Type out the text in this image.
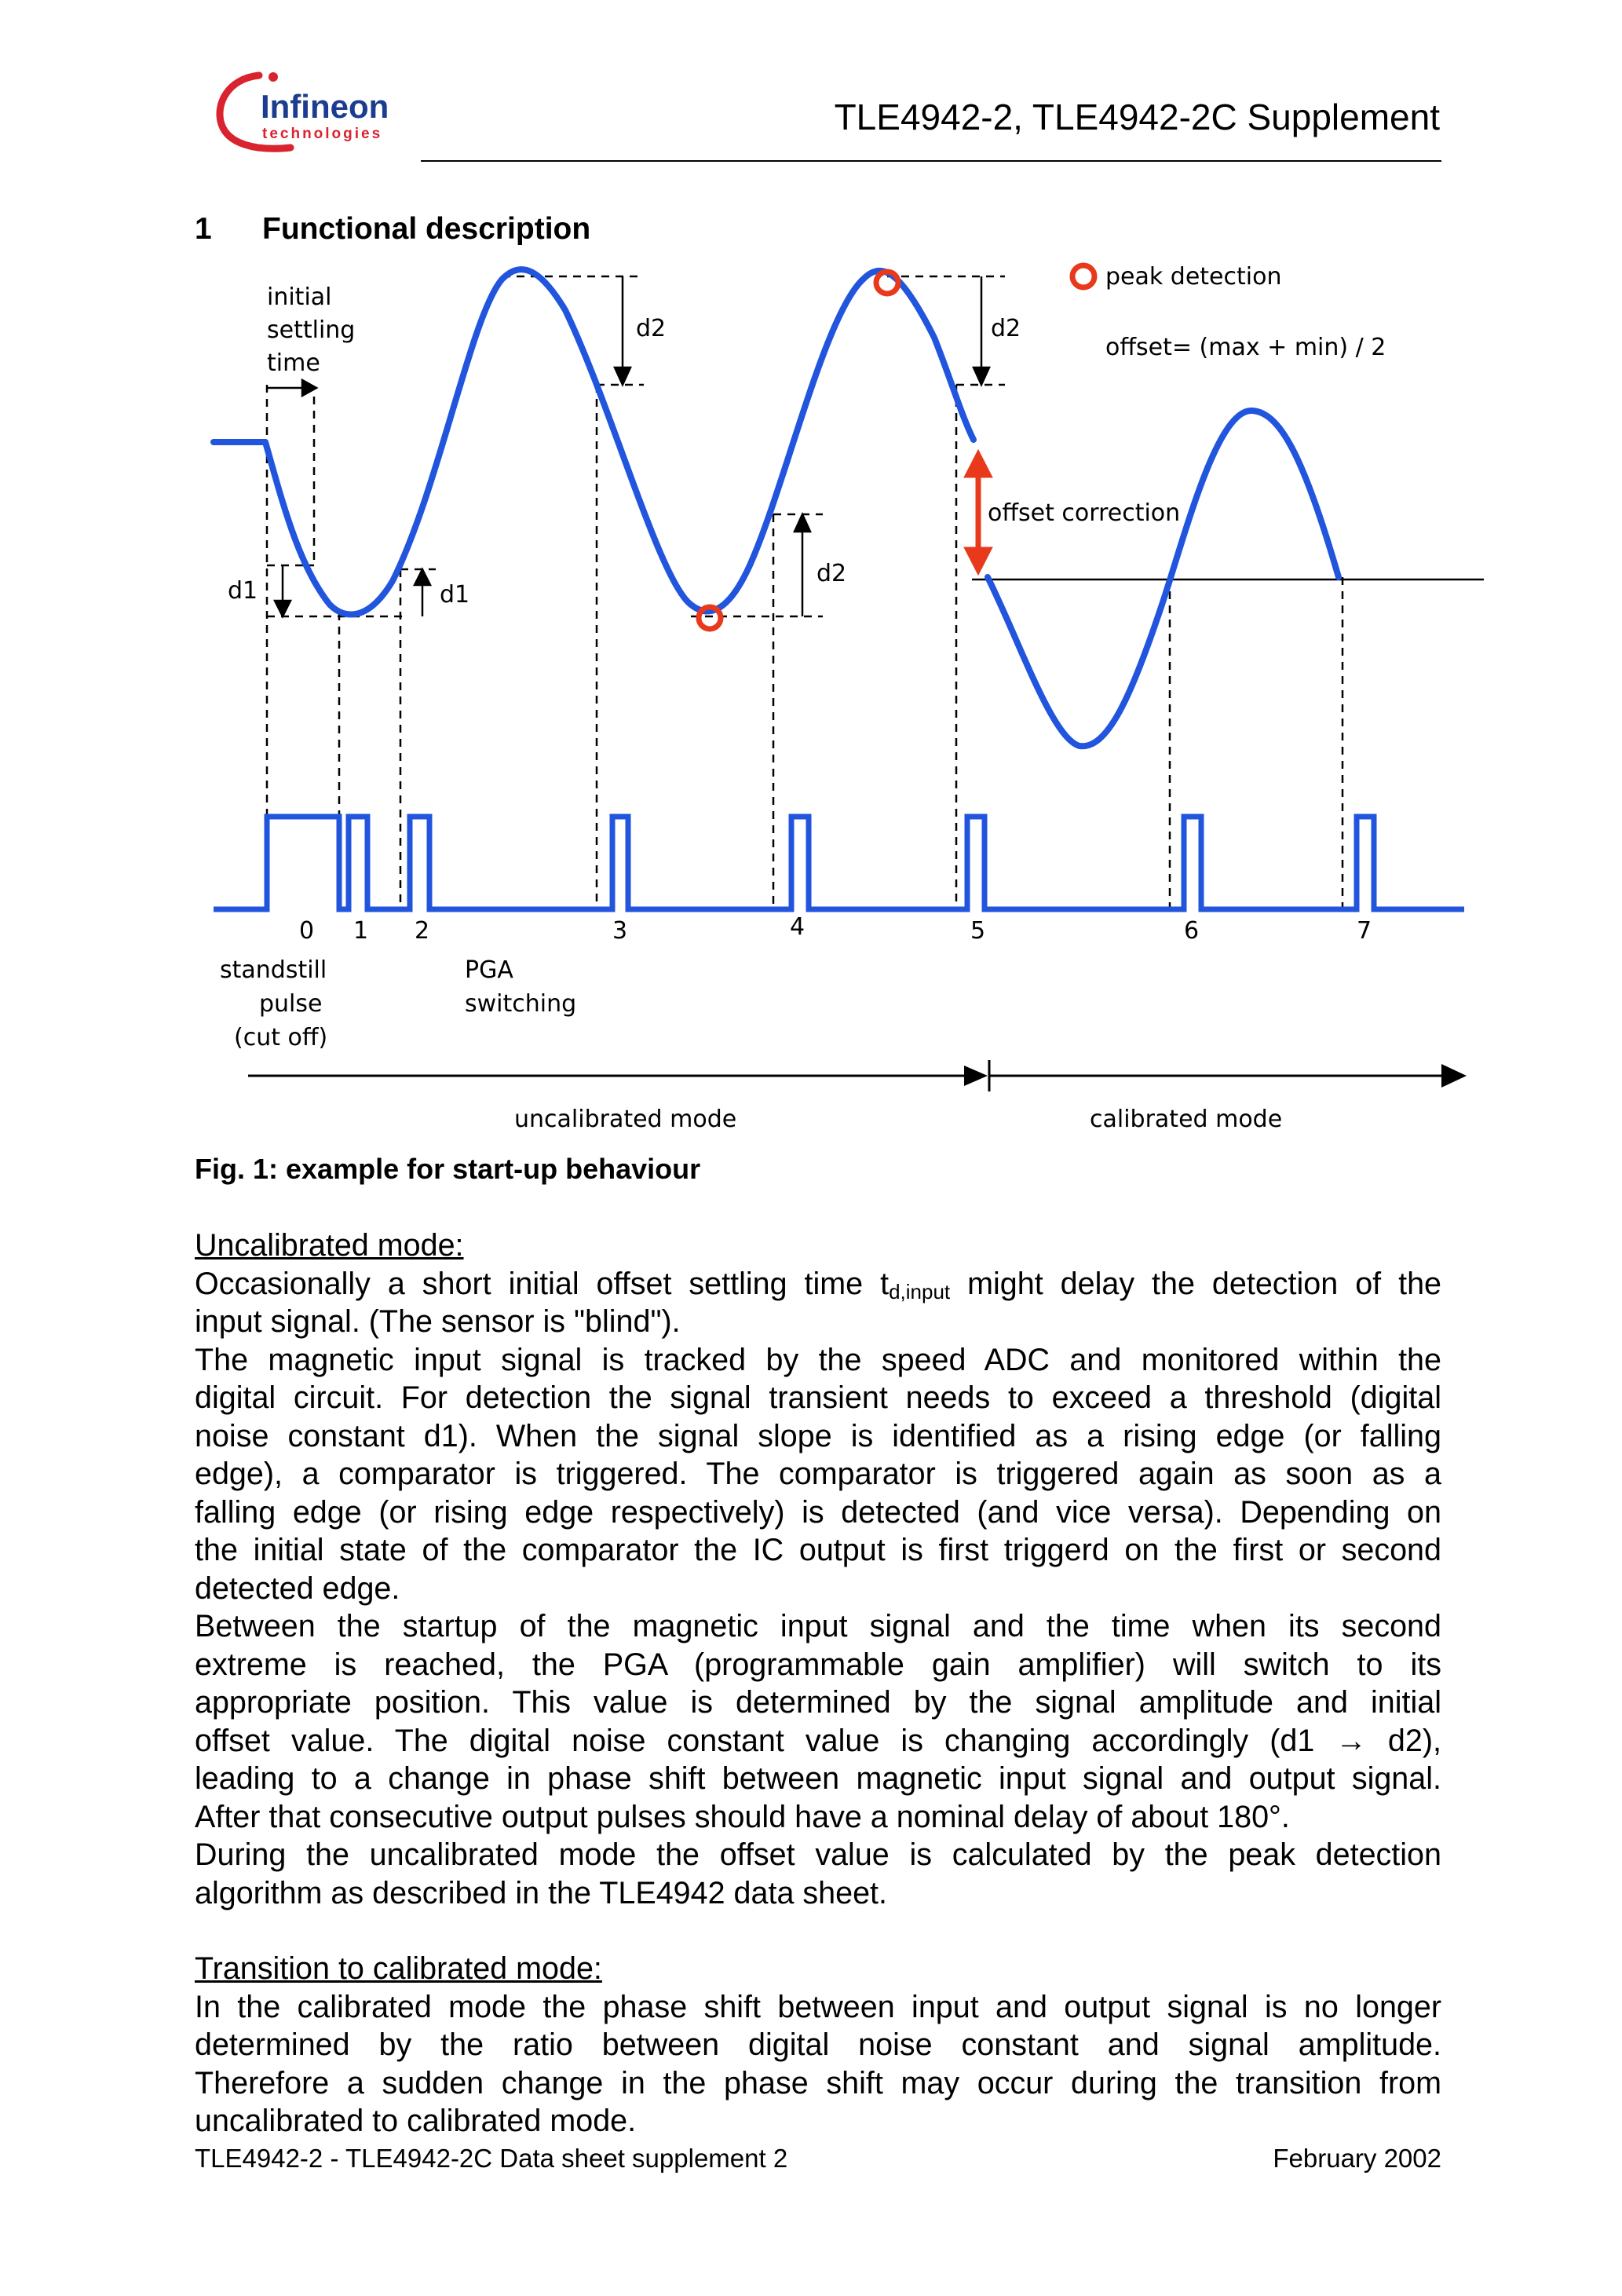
Infineon
technologies	TLE4942-2, TLE4942-2C Supplement
1 Functional description
initial
settling
time
d1	d1
d2	d2
d2
peak detection
offset= (max + min) / 2
offset correction
0 1 2	3	4	5	6	7
standstill
pulse
(cut off)
PGA
switching
uncalibrated mode	calibrated mode
Fig. 1: example for start-up behaviour
Uncalibrated mode:
Occasionally a short initial offset settling time $t_{d,input}$ might delay the detection of the
input signal. (The sensor is "blind").
The magnetic input signal is tracked by the speed ADC and monitored within the
digital circuit. For detection the signal transient needs to exceed a threshold (digital
noise constant d1). When the signal slope is identified as a rising edge (or falling
edge), a comparator is triggered. The comparator is triggered again as soon as a
falling edge (or rising edge respectively) is detected (and vice versa). Depending on
the initial state of the comparator the IC output is first triggerd on the first or second
detected edge.
Between the startup of the magnetic input signal and the time when its second
extreme is reached, the PGA (programmable gain amplifier) will switch to its
appropriate position. This value is determined by the signal amplitude and initial
offset value. The digital noise constant value is changing accordingly (d1 → d2),
leading to a change in phase shift between magnetic input signal and output signal.
After that consecutive output pulses should have a nominal delay of about 180°.
During the uncalibrated mode the offset value is calculated by the peak detection
algorithm as described in the TLE4942 data sheet.
Transition to calibrated mode:
In the calibrated mode the phase shift between input and output signal is no longer
determined by the ratio between digital noise constant and signal amplitude.
Therefore a sudden change in the phase shift may occur during the transition from
uncalibrated to calibrated mode.
TLE4942-2 - TLE4942-2C Data sheet supplement 2	February 2002
